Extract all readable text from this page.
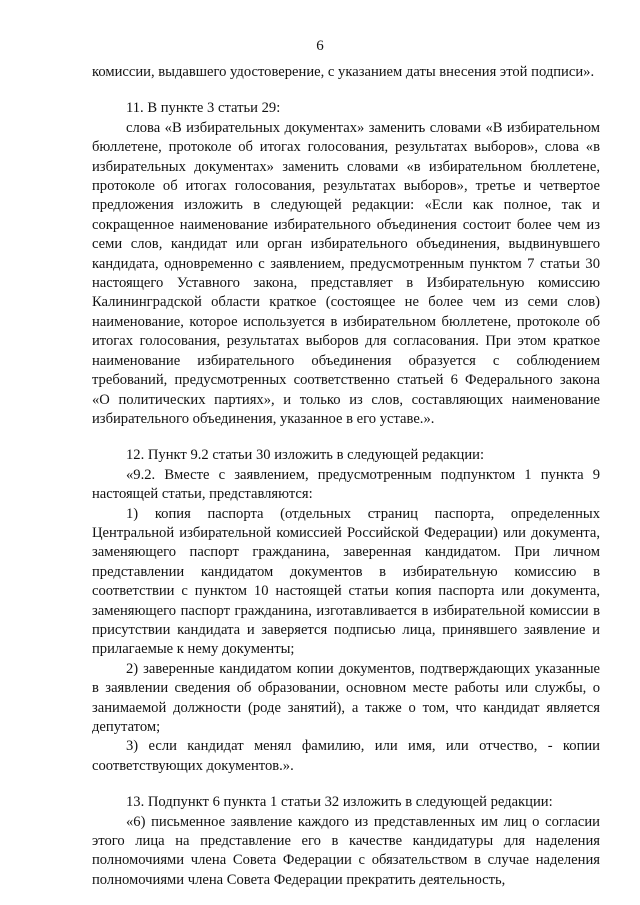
6

комиссии, выдавшего удостоверение, с указанием даты внесения этой подписи».

11. В пункте 3 статьи 29:

слова «В избирательных документах» заменить словами «В избирательном бюллетене, протоколе об итогах голосования, результатах выборов», слова «в избирательных документах» заменить словами «в избирательном бюллетене, протоколе об итогах голосования, результатах выборов», третье и четвертое предложения изложить в следующей редакции: «Если как полное, так и сокращенное наименование избирательного объединения состоит более чем из семи слов, кандидат или орган избирательного объединения, выдвинувшего кандидата, одновременно с заявлением, предусмотренным пунктом 7 статьи 30 настоящего Уставного закона, представляет в Избирательную комиссию Калининградской области краткое (состоящее не более чем из семи слов) наименование, которое используется в избирательном бюллетене, протоколе об итогах голосования, результатах выборов для согласования. При этом краткое наименование избирательного объединения образуется с соблюдением требований, предусмотренных соответственно статьей 6 Федерального закона «О политических партиях», и только из слов, составляющих наименование избирательного объединения, указанное в его уставе.».

12. Пункт 9.2 статьи 30 изложить в следующей редакции:

«9.2. Вместе с заявлением, предусмотренным подпунктом 1 пункта 9 настоящей статьи, представляются:

1) копия паспорта (отдельных страниц паспорта, определенных Центральной избирательной комиссией Российской Федерации) или документа, заменяющего паспорт гражданина, заверенная кандидатом. При личном представлении кандидатом документов в избирательную комиссию в соответствии с пунктом 10 настоящей статьи копия паспорта или документа, заменяющего паспорт гражданина, изготавливается в избирательной комиссии в присутствии кандидата и заверяется подписью лица, принявшего заявление и прилагаемые к нему документы;

2) заверенные кандидатом копии документов, подтверждающих указанные в заявлении сведения об образовании, основном месте работы или службы, о занимаемой должности (роде занятий), а также о том, что кандидат является депутатом;

3) если кандидат менял фамилию, или имя, или отчество, - копии соответствующих документов.».

13. Подпункт 6 пункта 1 статьи 32 изложить в следующей редакции:

«6) письменное заявление каждого из представленных им лиц о согласии этого лица на представление его в качестве кандидатуры для наделения полномочиями члена Совета Федерации с обязательством в случае наделения полномочиями члена Совета Федерации прекратить деятельность,
